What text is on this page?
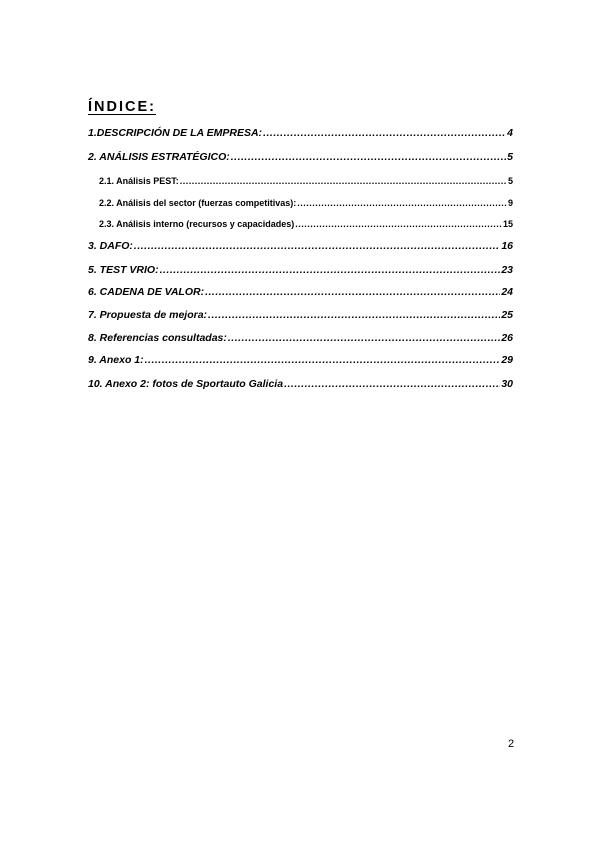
ÍNDICE:
1.DESCRIPCIÓN DE LA EMPRESA: .....	4
2. ANÁLISIS ESTRATÉGICO: .....	5
2.1. Análisis PEST: .....	5
2.2. Análisis del sector (fuerzas competitivas): .....	9
2.3. Análisis interno (recursos y capacidades) .....	15
3. DAFO: .....	16
5. TEST VRIO: .....	23
6. CADENA DE VALOR: .....	24
7. Propuesta de mejora: .....	25
8. Referencias consultadas: .....	26
9. Anexo 1: .....	29
10. Anexo 2: fotos de Sportauto Galicia .....	30
2
